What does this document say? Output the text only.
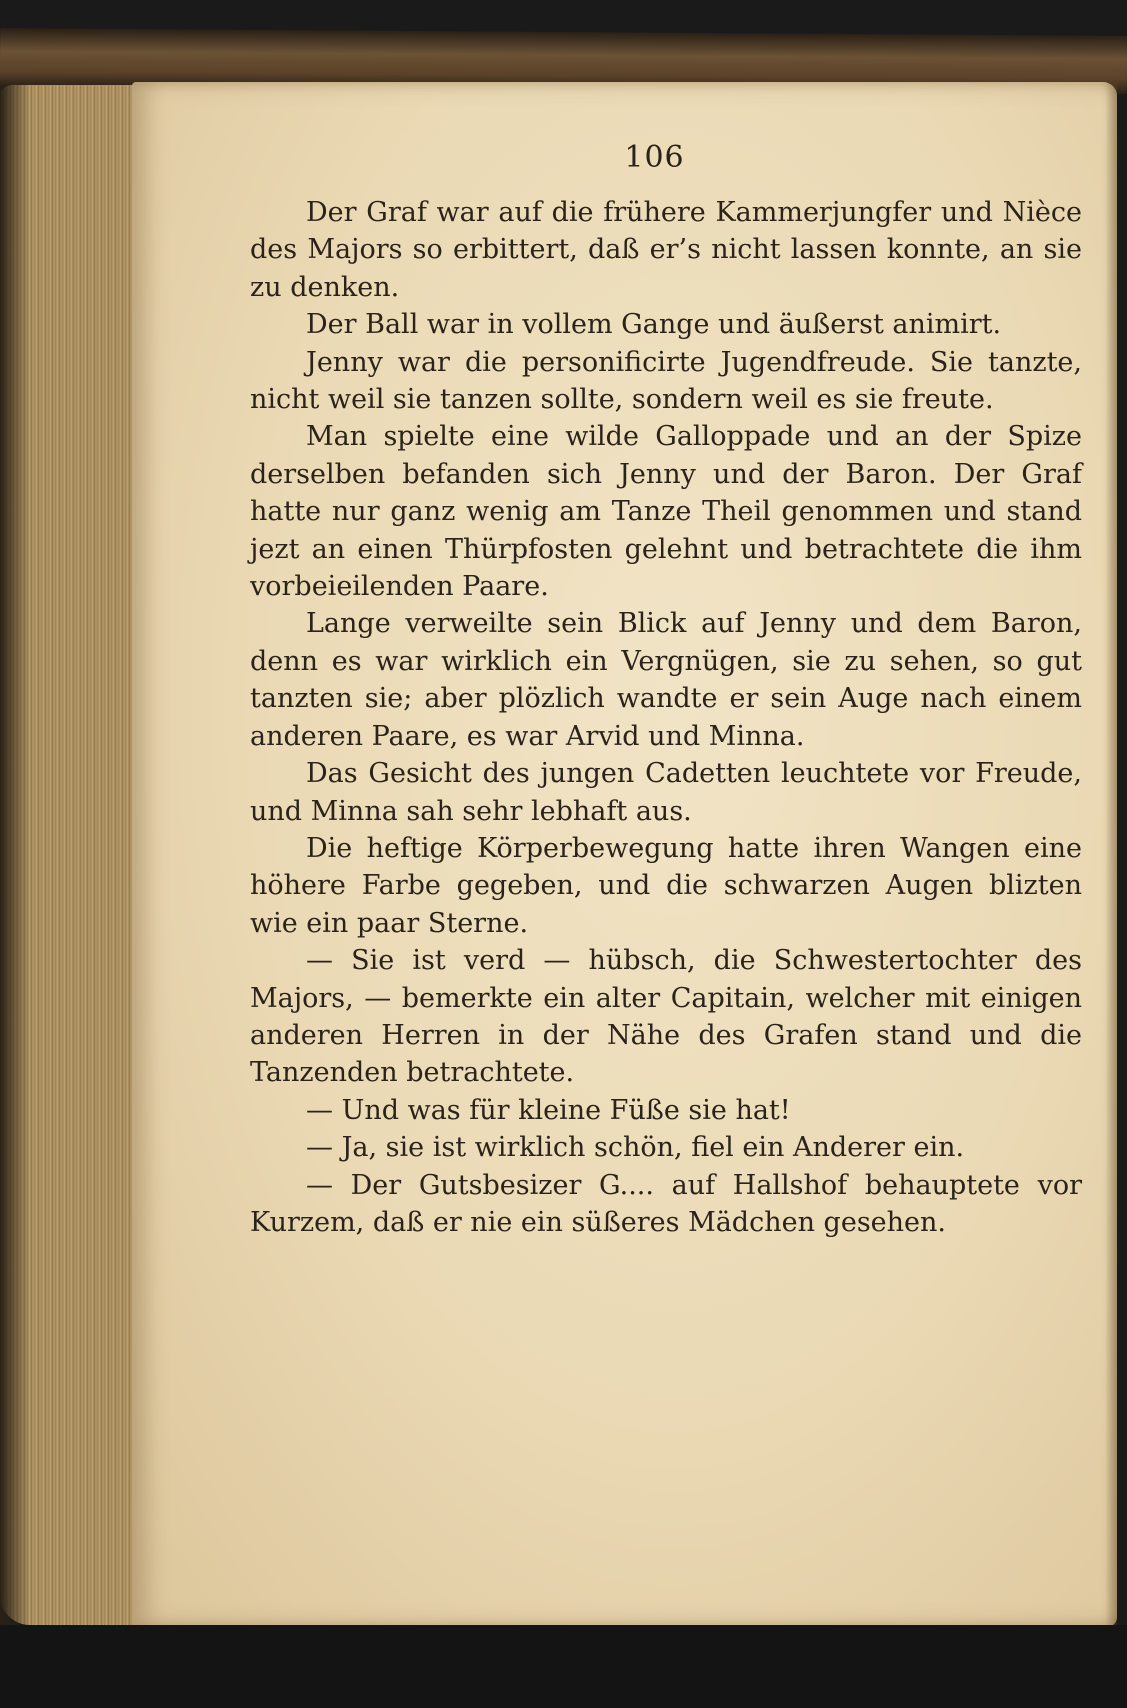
106

Der Graf war auf die frühere Kammerjungfer und Nièce des Majors so erbittert, daß er’s nicht lassen konnte, an sie zu denken.

Der Ball war in vollem Gange und äußerst animirt.

Jenny war die personificirte Jugendfreude. Sie tanzte, nicht weil sie tanzen sollte, sondern weil es sie freute.

Man spielte eine wilde Galloppade und an der Spize derselben befanden sich Jenny und der Baron. Der Graf hatte nur ganz wenig am Tanze Theil genommen und stand jezt an einen Thürpfosten gelehnt und betrachtete die ihm vorbeieilenden Paare.

Lange verweilte sein Blick auf Jenny und dem Baron, denn es war wirklich ein Vergnügen, sie zu sehen, so gut tanzten sie; aber plözlich wandte er sein Auge nach einem anderen Paare, es war Arvid und Minna.

Das Gesicht des jungen Cadetten leuchtete vor Freude, und Minna sah sehr lebhaft aus.

Die heftige Körperbewegung hatte ihren Wangen eine höhere Farbe gegeben, und die schwarzen Augen blizten wie ein paar Sterne.

— Sie ist verd — hübsch, die Schwestertochter des Majors, — bemerkte ein alter Capitain, welcher mit einigen anderen Herren in der Nähe des Grafen stand und die Tanzenden betrachtete.

— Und was für kleine Füße sie hat!

— Ja, sie ist wirklich schön, fiel ein Anderer ein.

— Der Gutsbesizer G.... auf Hallshof behauptete vor Kurzem, daß er nie ein süßeres Mädchen gesehen.
